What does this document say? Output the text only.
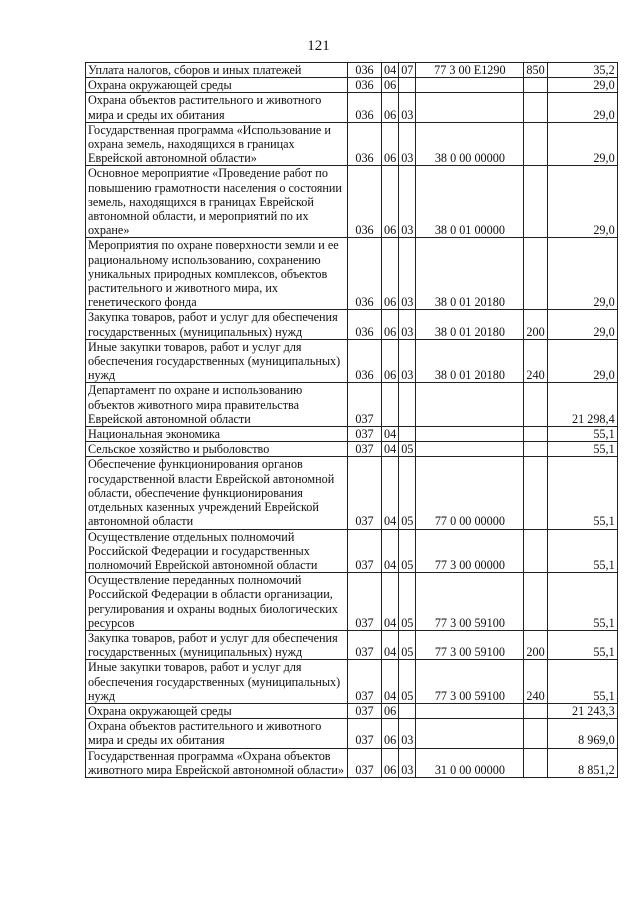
121
Уплата налогов, сборов и иных платежей	036	04	07	77 3 00 E1290	850	35,2
Охрана окружающей среды	036	06				29,0
Охрана объектов растительного и животного мира и среды их обитания	036	06	03			29,0
Государственная программа «Использование и охрана земель, находящихся в границах Еврейской автономной области»	036	06	03	38 0 00 00000		29,0
Основное мероприятие «Проведение работ по повышению грамотности населения о состоянии земель, находящихся в границах Еврейской автономной области, и мероприятий по их охране»	036	06	03	38 0 01 00000		29,0
Мероприятия по охране поверхности земли и ее рациональному использованию, сохранению уникальных природных комплексов, объектов растительного и животного мира, их генетического фонда	036	06	03	38 0 01 20180		29,0
Закупка товаров, работ и услуг для обеспечения государственных (муниципальных) нужд	036	06	03	38 0 01 20180	200	29,0
Иные закупки товаров, работ и услуг для обеспечения государственных (муниципальных) нужд	036	06	03	38 0 01 20180	240	29,0
Департамент по охране и использованию объектов животного мира правительства Еврейской автономной области	037					21 298,4
Национальная экономика	037	04				55,1
Сельское хозяйство и рыболовство	037	04	05			55,1
Обеспечение функционирования органов государственной власти Еврейской автономной области, обеспечение функционирования отдельных казенных учреждений Еврейской автономной области	037	04	05	77 0 00 00000		55,1
Осуществление отдельных полномочий Российской Федерации и государственных полномочий Еврейской автономной области	037	04	05	77 3 00 00000		55,1
Осуществление переданных полномочий Российской Федерации в области организации, регулирования и охраны водных биологических ресурсов	037	04	05	77 3 00 59100		55,1
Закупка товаров, работ и услуг для обеспечения государственных (муниципальных) нужд	037	04	05	77 3 00 59100	200	55,1
Иные закупки товаров, работ и услуг для обеспечения государственных (муниципальных) нужд	037	04	05	77 3 00 59100	240	55,1
Охрана окружающей среды	037	06				21 243,3
Охрана объектов растительного и животного мира и среды их обитания	037	06	03			8 969,0
Государственная программа «Охрана объектов животного мира Еврейской автономной области»	037	06	03	31 0 00 00000		8 851,2
